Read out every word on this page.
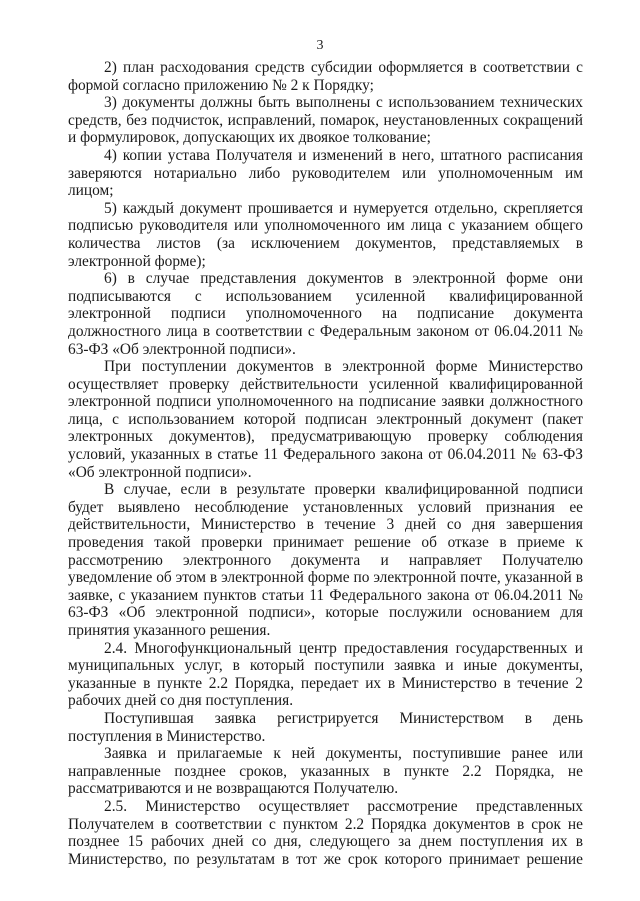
3

2) план расходования средств субсидии оформляется в соответствии с формой согласно приложению № 2 к Порядку;

3) документы должны быть выполнены с использованием технических средств, без подчисток, исправлений, помарок, неустановленных сокращений и формулировок, допускающих их двоякое толкование;

4) копии устава Получателя и изменений в него, штатного расписания заверяются нотариально либо руководителем или уполномоченным им лицом;

5) каждый документ прошивается и нумеруется отдельно, скрепляется подписью руководителя или уполномоченного им лица с указанием общего количества листов (за исключением документов, представляемых в электронной форме);

6) в случае представления документов в электронной форме они подписываются с использованием усиленной квалифицированной электронной подписи уполномоченного на подписание документа должностного лица в соответствии с Федеральным законом от 06.04.2011 № 63-ФЗ «Об электронной подписи».

При поступлении документов в электронной форме Министерство осуществляет проверку действительности усиленной квалифицированной электронной подписи уполномоченного на подписание заявки должностного лица, с использованием которой подписан электронный документ (пакет электронных документов), предусматривающую проверку соблюдения условий, указанных в статье 11 Федерального закона от 06.04.2011 № 63-ФЗ «Об электронной подписи».

В случае, если в результате проверки квалифицированной подписи будет выявлено несоблюдение установленных условий признания ее действительности, Министерство в течение 3 дней со дня завершения проведения такой проверки принимает решение об отказе в приеме к рассмотрению электронного документа и направляет Получателю уведомление об этом в электронной форме по электронной почте, указанной в заявке, с указанием пунктов статьи 11 Федерального закона от 06.04.2011 № 63-ФЗ «Об электронной подписи», которые послужили основанием для принятия указанного решения.

2.4. Многофункциональный центр предоставления государственных и муниципальных услуг, в который поступили заявка и иные документы, указанные в пункте 2.2 Порядка, передает их в Министерство в течение 2 рабочих дней со дня поступления.

Поступившая заявка регистрируется Министерством в день поступления в Министерство.

Заявка и прилагаемые к ней документы, поступившие ранее или направленные позднее сроков, указанных в пункте 2.2 Порядка, не рассматриваются и не возвращаются Получателю.

2.5. Министерство осуществляет рассмотрение представленных Получателем в соответствии с пунктом 2.2 Порядка документов в срок не позднее 15 рабочих дней со дня, следующего за днем поступления их в Министерство, по результатам в тот же срок которого принимает решение
